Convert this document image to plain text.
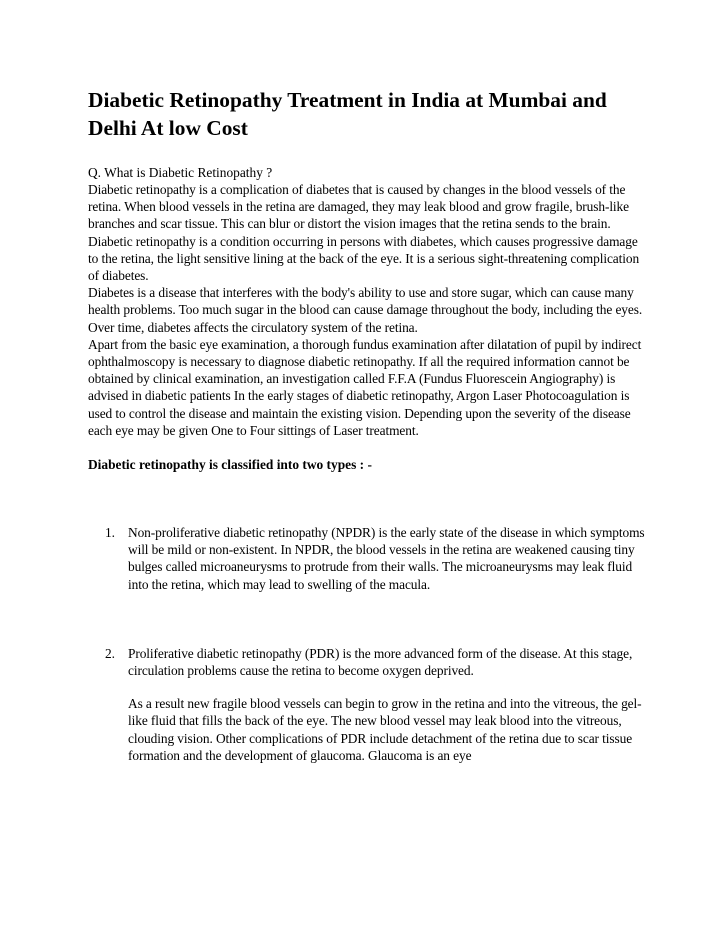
Diabetic Retinopathy Treatment in India at Mumbai and Delhi At low Cost

Q. What is Diabetic Retinopathy ?

Diabetic retinopathy is a complication of diabetes that is caused by changes in the blood vessels of the retina. When blood vessels in the retina are damaged, they may leak blood and grow fragile, brush-like branches and scar tissue. This can blur or distort the vision images that the retina sends to the brain.

Diabetic retinopathy is a condition occurring in persons with diabetes, which causes progressive damage to the retina, the light sensitive lining at the back of the eye. It is a serious sight-threatening complication of diabetes.

Diabetes is a disease that interferes with the body's ability to use and store sugar, which can cause many health problems. Too much sugar in the blood can cause damage throughout the body, including the eyes. Over time, diabetes affects the circulatory system of the retina.

Apart from the basic eye examination, a thorough fundus examination after dilatation of pupil by indirect ophthalmoscopy is necessary to diagnose diabetic retinopathy. If all the required information cannot be obtained by clinical examination, an investigation called F.F.A (Fundus Fluorescein Angiography) is advised in diabetic patients In the early stages of diabetic retinopathy, Argon Laser Photocoagulation is used to control the disease and maintain the existing vision. Depending upon the severity of the disease each eye may be given One to Four sittings of Laser treatment.

Diabetic retinopathy is classified into two types : -

1. Non-proliferative diabetic retinopathy (NPDR) is the early state of the disease in which symptoms will be mild or non-existent. In NPDR, the blood vessels in the retina are weakened causing tiny bulges called microaneurysms to protrude from their walls. The microaneurysms may leak fluid into the retina, which may lead to swelling of the macula.

2. Proliferative diabetic retinopathy (PDR) is the more advanced form of the disease. At this stage, circulation problems cause the retina to become oxygen deprived.

As a result new fragile blood vessels can begin to grow in the retina and into the vitreous, the gel-like fluid that fills the back of the eye. The new blood vessel may leak blood into the vitreous, clouding vision. Other complications of PDR include detachment of the retina due to scar tissue formation and the development of glaucoma. Glaucoma is an eye
